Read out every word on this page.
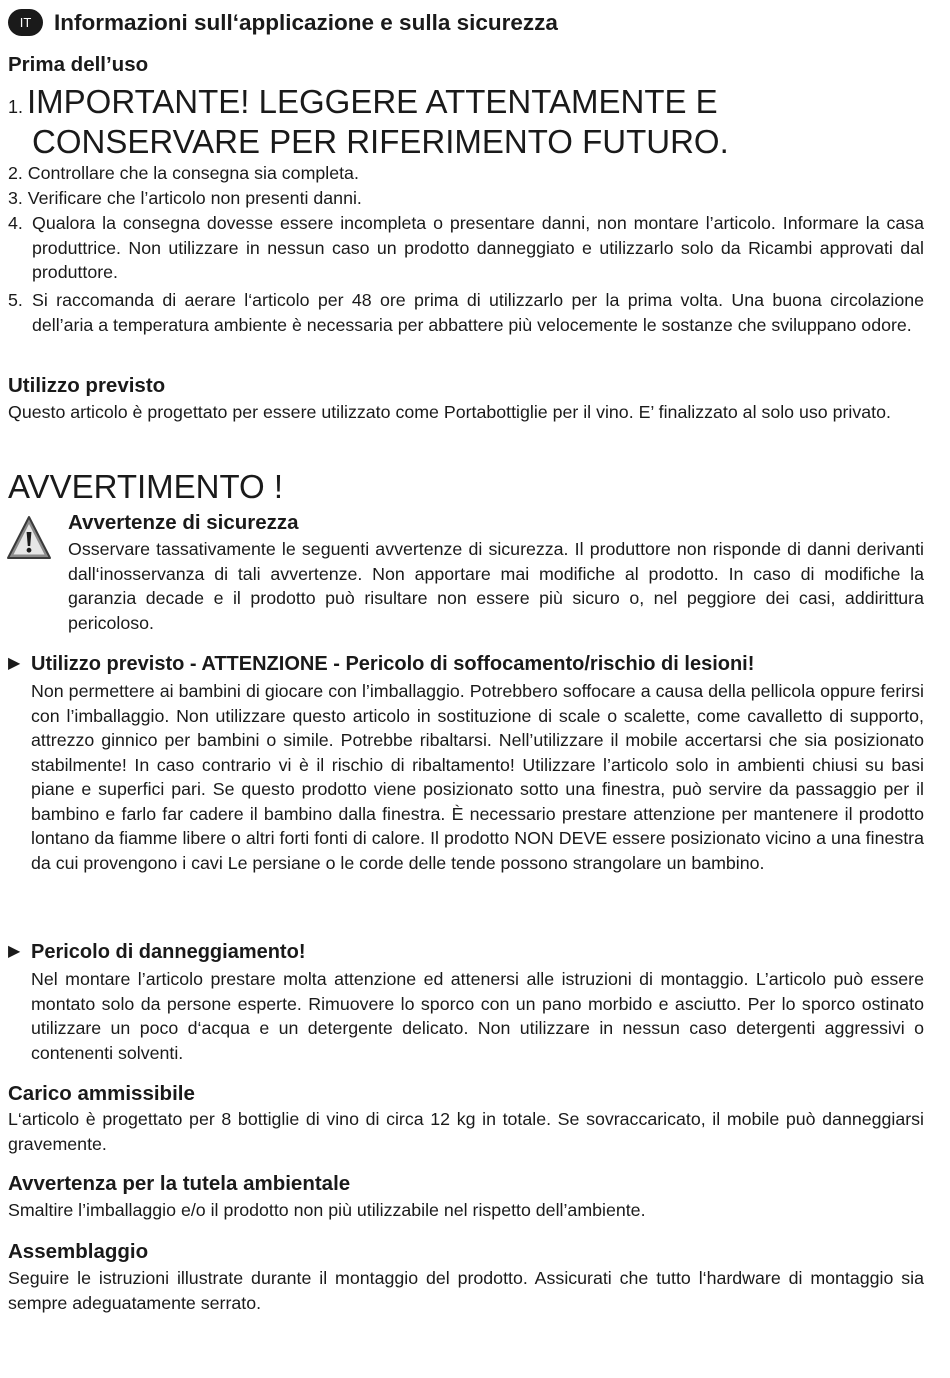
IT	Informazioni sull‘applicazione e sulla sicurezza
Prima dell’uso
1. IMPORTANTE! LEGGERE ATTENTAMENTE E
CONSERVARE PER RIFERIMENTO FUTURO.
2. Controllare che la consegna sia completa.
3. Verificare che l’articolo non presenti danni.
4. Qualora la consegna dovesse essere incompleta o presentare danni, non montare l’articolo. Informare la casa produttrice. Non utilizzare in nessun caso un prodotto danneggiato e utilizzarlo solo da Ricambi approvati dal produttore.
5. Si raccomanda di aerare l‘articolo per 48 ore prima di utilizzarlo per la prima volta. Una buona circolazione dell’aria a temperatura ambiente è necessaria per abbattere più velocemente le sostanze che sviluppano odore.
Utilizzo previsto
Questo articolo è progettato per essere utilizzato come Portabottiglie per il vino. E’ finalizzato al solo uso privato.
AVVERTIMENTO !
Avvertenze di sicurezza
Osservare tassativamente le seguenti avvertenze di sicurezza. Il produttore non risponde di danni derivanti dall‘inosservanza di tali avvertenze. Non apportare mai modifiche al prodotto. In caso di modifiche la garanzia decade e il prodotto può risultare non essere più sicuro o, nel peggiore dei casi, addirittura pericoloso.
▶ Utilizzo previsto - ATTENZIONE - Pericolo di soffocamento/rischio di lesioni!
Non permettere ai bambini di giocare con l’imballaggio. Potrebbero soffocare a causa della pellicola oppure ferirsi con l’imballaggio. Non utilizzare questo articolo in sostituzione di scale o scalette, come cavalletto di supporto, attrezzo ginnico per bambini o simile. Potrebbe ribaltarsi. Nell’utilizzare il mobile accertarsi che sia posizionato stabilmente! In caso contrario vi è il rischio di ribaltamento! Utilizzare l’articolo solo in ambienti chiusi su basi piane e superfici pari. Se questo prodotto viene posizionato sotto una finestra, può servire da passaggio per il bambino e farlo far cadere il bambino dalla finestra. È necessario prestare attenzione per mantenere il prodotto lontano da fiamme libere o altri forti fonti di calore. Il prodotto NON DEVE essere posizionato vicino a una finestra da cui provengono i cavi Le persiane o le corde delle tende possono strangolare un bambino.
▶ Pericolo di danneggiamento!
Nel montare l’articolo prestare molta attenzione ed attenersi alle istruzioni di montaggio. L’articolo può essere montato solo da persone esperte. Rimuovere lo sporco con un pano morbido e asciutto. Per lo sporco ostinato utilizzare un poco d‘acqua e un detergente delicato. Non utilizzare in nessun caso detergenti aggressivi o contenenti solventi.
Carico ammissibile
L‘articolo è progettato per 8 bottiglie di vino di circa 12 kg in totale. Se sovraccaricato, il mobile può danneggiarsi gravemente.
Avvertenza per la tutela ambientale
Smaltire l’imballaggio e/o il prodotto non più utilizzabile nel rispetto dell’ambiente.
Assemblaggio
Seguire le istruzioni illustrate durante il montaggio del prodotto. Assicurati che tutto l‘hardware di montaggio sia sempre adeguatamente serrato.
